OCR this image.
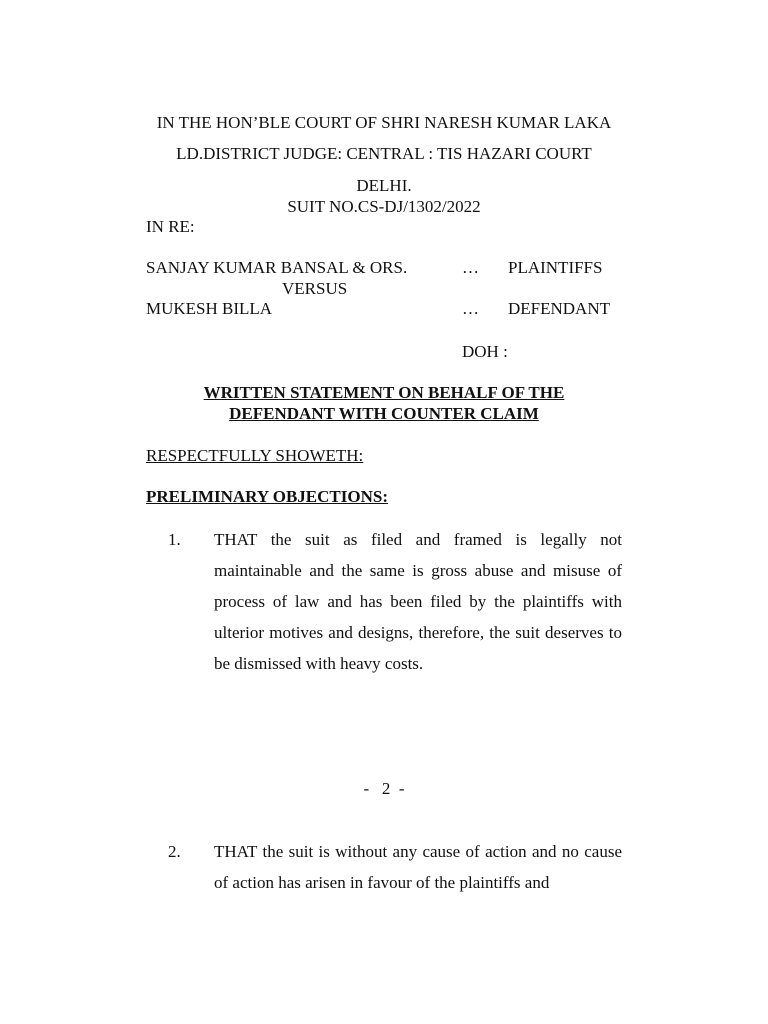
IN THE HON’BLE COURT OF SHRI NARESH KUMAR LAKA
LD.DISTRICT JUDGE: CENTRAL : TIS HAZARI COURT
DELHI.
SUIT NO.CS-DJ/1302/2022
IN RE:
SANJAY KUMAR BANSAL & ORS.	… PLAINTIFFS
VERSUS
MUKESH BILLA	… DEFENDANT
DOH :
WRITTEN STATEMENT ON BEHALF OF THE
DEFENDANT WITH COUNTER CLAIM
RESPECTFULLY SHOWETH:
PRELIMINARY OBJECTIONS:
1. THAT the suit as filed and framed is legally not maintainable and the same is gross abuse and misuse of process of law and has been filed by the plaintiffs with ulterior motives and designs, therefore, the suit deserves to be dismissed with heavy costs.
-   2  -
2. THAT the suit is without any cause of action and no cause of action has arisen in favour of the plaintiffs and
